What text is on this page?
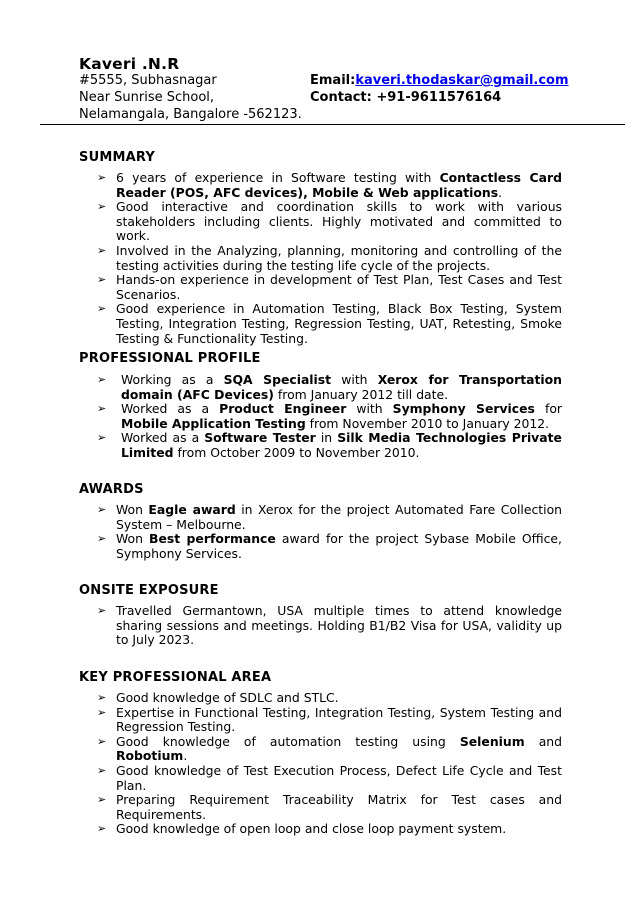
Kaveri .N.R
#5555, Subhasnagar
Near Sunrise School,
Nelamangala, Bangalore -562123.
Email:kaveri.thodaskar@gmail.com
Contact: +91-9611576164
SUMMARY
➢ 6 years of experience in Software testing with Contactless Card Reader (POS, AFC devices), Mobile & Web applications.
➢ Good interactive and coordination skills to work with various stakeholders including clients. Highly motivated and committed to work.
➢ Involved in the Analyzing, planning, monitoring and controlling of the testing activities during the testing life cycle of the projects.
➢ Hands-on experience in development of Test Plan, Test Cases and Test Scenarios.
➢ Good experience in Automation Testing, Black Box Testing, System Testing, Integration Testing, Regression Testing, UAT, Retesting, Smoke Testing & Functionality Testing.
PROFESSIONAL PROFILE
➢ Working as a SQA Specialist with Xerox for Transportation domain (AFC Devices) from January 2012 till date.
➢ Worked as a Product Engineer with Symphony Services for Mobile Application Testing from November 2010 to January 2012.
➢ Worked as a Software Tester in Silk Media Technologies Private Limited from October 2009 to November 2010.
AWARDS
➢ Won Eagle award in Xerox for the project Automated Fare Collection System – Melbourne.
➢ Won Best performance award for the project Sybase Mobile Office, Symphony Services.
ONSITE EXPOSURE
➢ Travelled Germantown, USA multiple times to attend knowledge sharing sessions and meetings. Holding B1/B2 Visa for USA, validity up to July 2023.
KEY PROFESSIONAL AREA
➢ Good knowledge of SDLC and STLC.
➢ Expertise in Functional Testing, Integration Testing, System Testing and Regression Testing.
➢ Good knowledge of automation testing using Selenium and Robotium.
➢ Good knowledge of Test Execution Process, Defect Life Cycle and Test Plan.
➢ Preparing Requirement Traceability Matrix for Test cases and Requirements.
➢ Good knowledge of open loop and close loop payment system.
